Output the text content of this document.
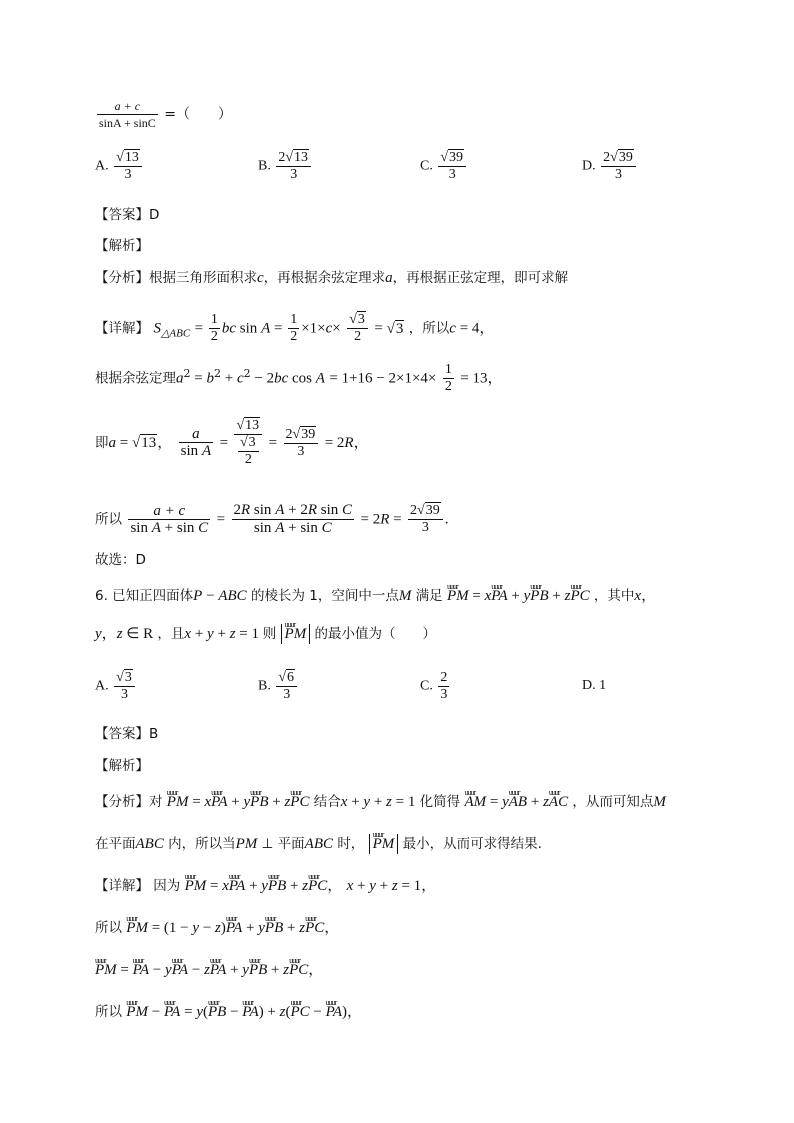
$\frac{a + c}{\sin A + \sin C}$ =（　　）
A. $\frac{√13}{3}$	B. $\frac{2√13}{3}$	C. $\frac{√39}{3}$	D. $\frac{2√39}{3}$
【答案】D
【解析】
【分析】根据三角形面积求c，再根据余弦定理求a，再根据正弦定理，即可求解
【详解】 $S_{\triangle ABC} = \frac{1}{2}$ bc $\sin A = \frac{1}{2} \times 1\times c\times \frac{√3}{2} = √3$ ，所以c = 4，
根据余弦定理$a^2 = b^2 + c^2 - 2bc$ $\cos A = 1+16 - 2\times 1\times 4\times \frac{1}{2} = 13$，
即a = √13， $\frac{a}{\text{sin A}} = \frac{√13}{\frac{√3}{2}} = \frac{2√39}{3} = 2R$，
所以 $\frac{a + c}{\text{sin A + sin C}} = \frac{\text{2R sin A + 2R sin C}}{\text{sin A + sin C}} = 2R = \frac{2√39}{3}$ .
故选：D
6. 已知正四面体P − ABC 的棱长为 1，空间中一点M 满足 uuur PM = xuuur PA + yuuur PB + zuuur PC ，其中x，
y，z ∈ R ，且x + y + z = 1 则 uuur PM 的最小值为（　　）
A. $\frac{√3}{3}$	B. $\frac{√6}{3}$	C. $\frac{2}{3}$	D. 1
【答案】B
【解析】
【分析】对 uuur PM = xuuur PA + yuuur PB + zuuur PC 结合x + y + z = 1 化简得 uuur AM = yuuur AB + zuuur AC ，从而可知点M
在平面ABC 内，所以当PM ⊥ 平面ABC 时， uuur PM 最小，从而可求得结果.
【详解】 因为 uuur PM = xuuur PA + yuuur PB + zuuur PC， x + y + z = 1，
所以 uuur PM = (1 − y − z)uuur PA + yuuur PB + zuuur PC，
uuur PM = uuur PA − yuuur PA − zuuur PA + yuuur PB + zuuur PC，
所以 uuur PM − uuur PA = y(uuur PB − uuur PA) + z(uuur PC − uuur PA)，
